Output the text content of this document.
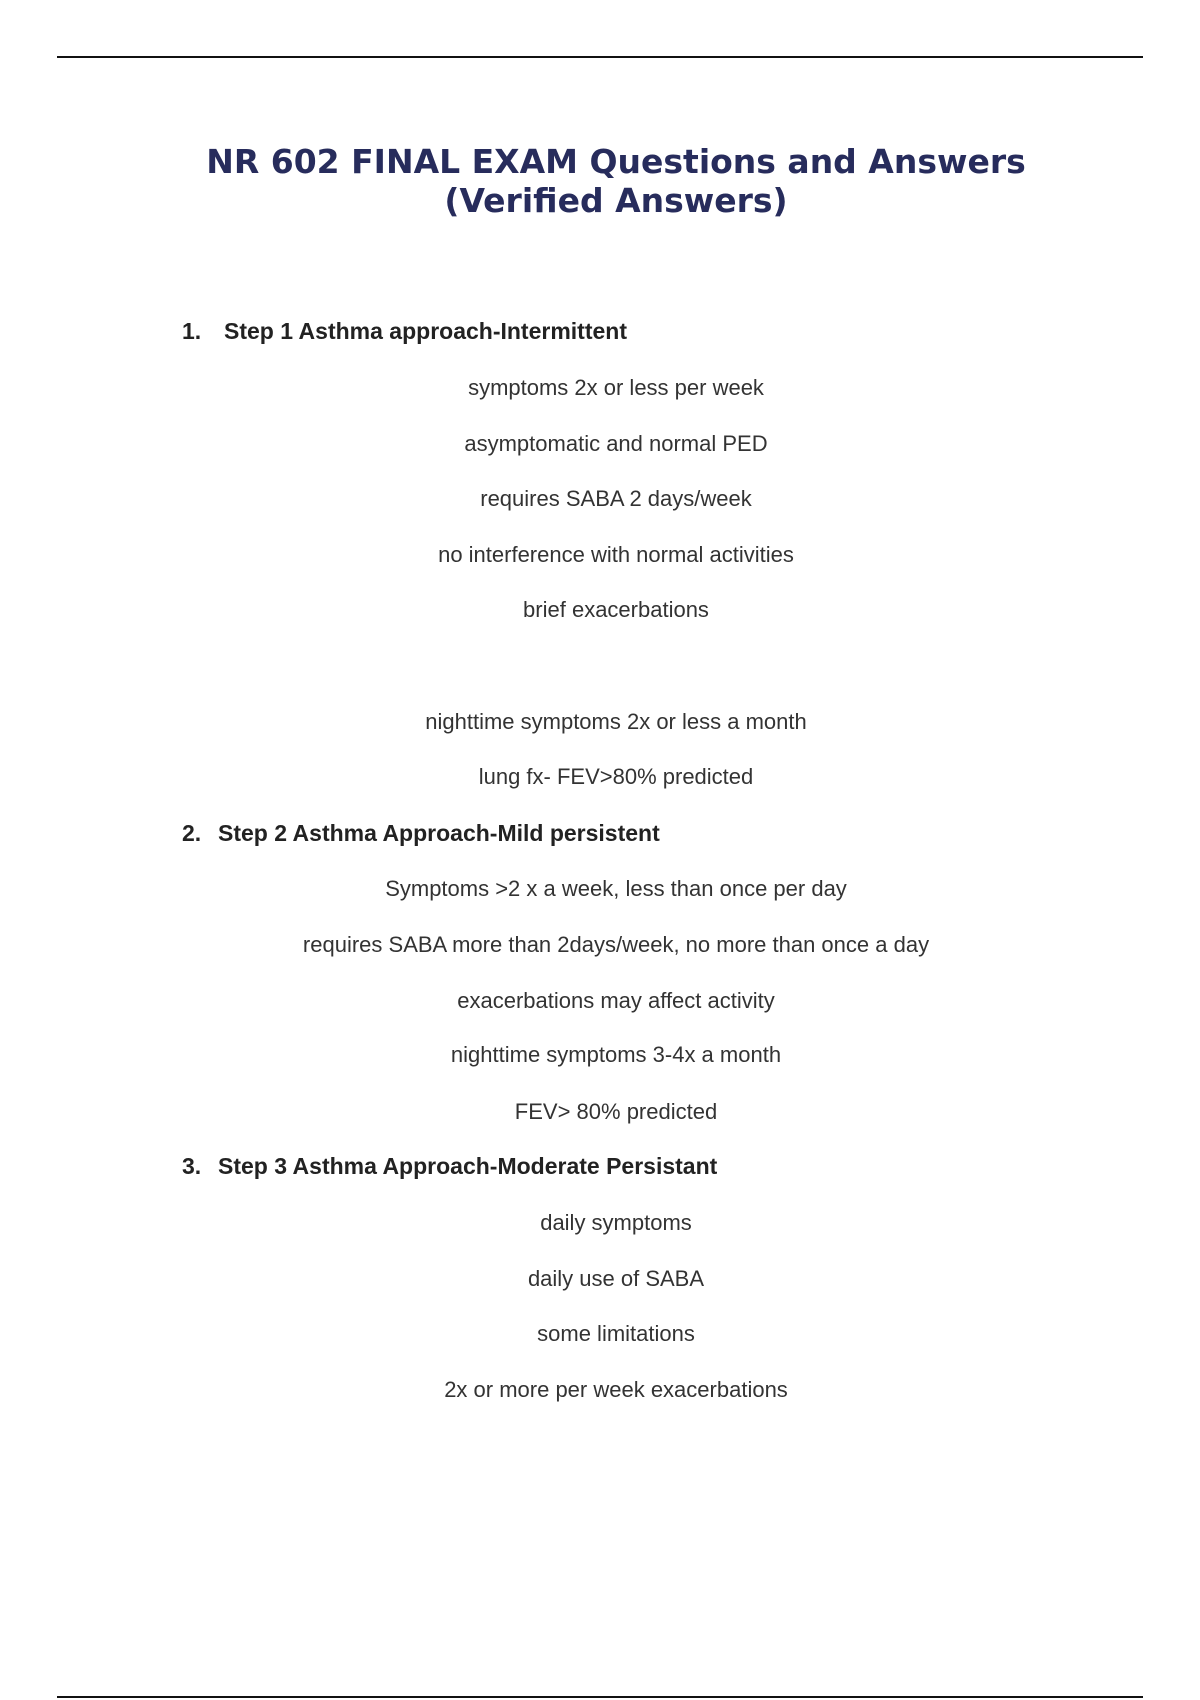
NR 602 FINAL EXAM Questions and Answers
(Verified Answers)
1. Step 1 Asthma approach-Intermittent
symptoms 2x or less per week
asymptomatic and normal PED
requires SABA 2 days/week
no interference with normal activities
brief exacerbations
nighttime symptoms 2x or less a month
lung fx- FEV>80% predicted
2. Step 2 Asthma Approach-Mild persistent
Symptoms >2 x a week, less than once per day
requires SABA more than 2days/week, no more than once a day
exacerbations may affect activity
nighttime symptoms 3-4x a month
FEV> 80% predicted
3. Step 3 Asthma Approach-Moderate Persistant
daily symptoms
daily use of SABA
some limitations
2x or more per week exacerbations
